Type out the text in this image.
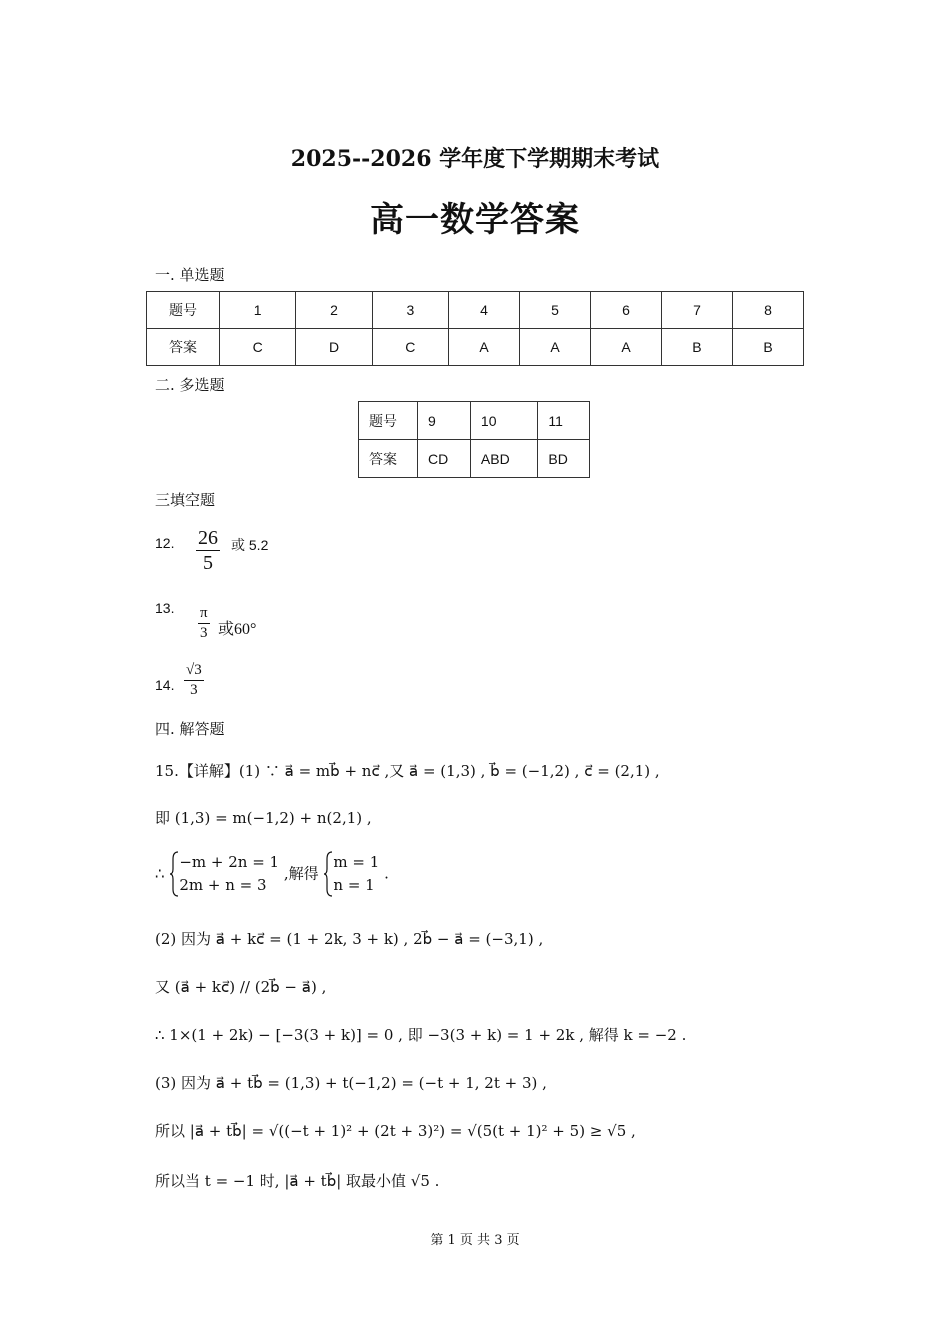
2025--2026 学年度下学期期末考试
高一数学答案
一. 单选题
题号	1	2	3	4	5	6	7	8
答案	C	D	C	A	A	A	B	B
二. 多选题
题号	9	10	11
答案	CD	ABD	BD
三填空题
12. $\frac{26}{5}$ 或 5.2
13. $\frac{\pi}{3}$ 或60°
14. $\frac{√3}{3}$
四. 解答题
15.【详解】(1) ∵ a⃗ = mb⃗ + nc⃗ ,又 a⃗ = (1,3) , b⃗ = (−1,2) , c⃗ = (2,1) ,
即 (1,3) = m(−1,2) + n(2,1) ,
∴
−m + 2n = 1
2m + n = 3
,解得
m = 1
n = 1
.
(2) 因为 a⃗ + kc⃗ = (1 + 2k, 3 + k) , 2b⃗ − a⃗ = (−3,1) ,
又 (a⃗ + kc⃗) // (2b⃗ − a⃗) ,
∴ 1×(1 + 2k) − [−3(3 + k)] = 0 , 即 −3(3 + k) = 1 + 2k , 解得 k = −2 .
(3) 因为 a⃗ + tb⃗ = (1,3) + t(−1,2) = (−t + 1, 2t + 3) ,
所以 |a⃗ + tb⃗| = √((−t + 1)² + (2t + 3)²) = √(5(t + 1)² + 5) ≥ √5 ,
所以当 t = −1 时, |a⃗ + tb⃗| 取最小值 √5 .
第 1 页 共 3 页
